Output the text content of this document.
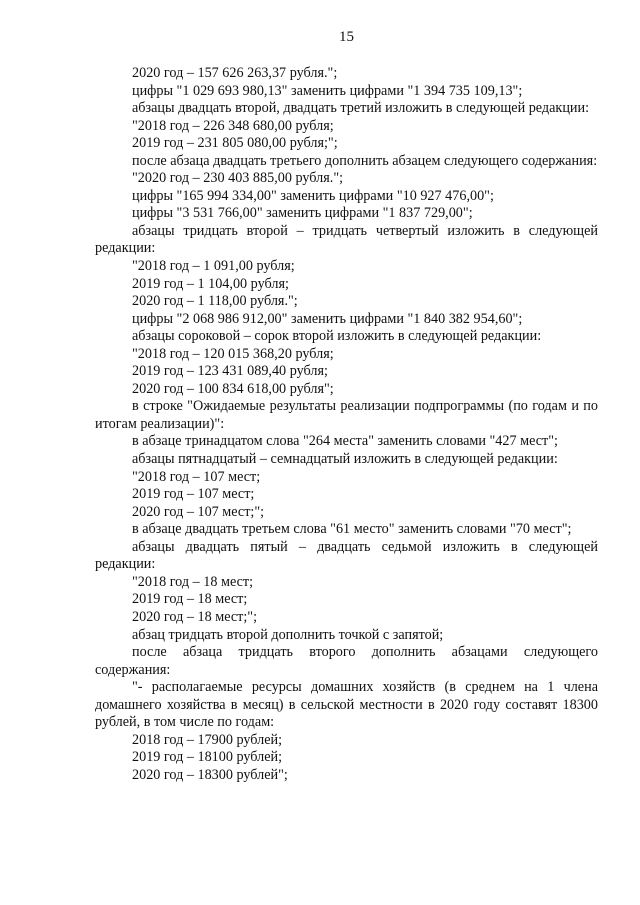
15

2020 год – 157 626 263,37 рубля.";

цифры "1 029 693 980,13" заменить цифрами "1 394 735 109,13";

абзацы двадцать второй, двадцать третий изложить в следующей редакции:

"2018 год – 226 348 680,00 рубля;

2019 год – 231 805 080,00 рубля;";

после абзаца двадцать третьего дополнить абзацем следующего содержания:

"2020 год – 230 403 885,00 рубля.";

цифры "165 994 334,00" заменить цифрами "10 927 476,00";

цифры "3 531 766,00" заменить цифрами "1 837 729,00";

абзацы тридцать второй – тридцать четвертый изложить в следующей редакции:

"2018 год – 1 091,00 рубля;

2019 год – 1 104,00 рубля;

2020 год – 1 118,00 рубля.";

цифры "2 068 986 912,00" заменить цифрами "1 840 382 954,60";

абзацы сороковой – сорок второй изложить в следующей редакции:

"2018 год – 120 015 368,20 рубля;

2019 год – 123 431 089,40 рубля;

2020 год – 100 834 618,00 рубля";

в строке "Ожидаемые результаты реализации подпрограммы (по годам и по итогам реализации)":

в абзаце тринадцатом слова "264 места" заменить словами "427 мест";

абзацы пятнадцатый – семнадцатый изложить в следующей редакции:

"2018 год – 107 мест;

2019 год – 107 мест;

2020 год – 107 мест;";

в абзаце двадцать третьем слова "61 место" заменить словами "70 мест";

абзацы двадцать пятый – двадцать седьмой изложить в следующей редакции:

"2018 год – 18 мест;

2019 год – 18 мест;

2020 год – 18 мест;";

абзац тридцать второй дополнить точкой с запятой;

после абзаца тридцать второго дополнить абзацами следующего содержания:

"- располагаемые ресурсы домашних хозяйств (в среднем на 1 члена домашнего хозяйства в месяц) в сельской местности в 2020 году составят 18300 рублей, в том числе по годам:

2018 год – 17900 рублей;

2019 год – 18100 рублей;

2020 год – 18300 рублей";
